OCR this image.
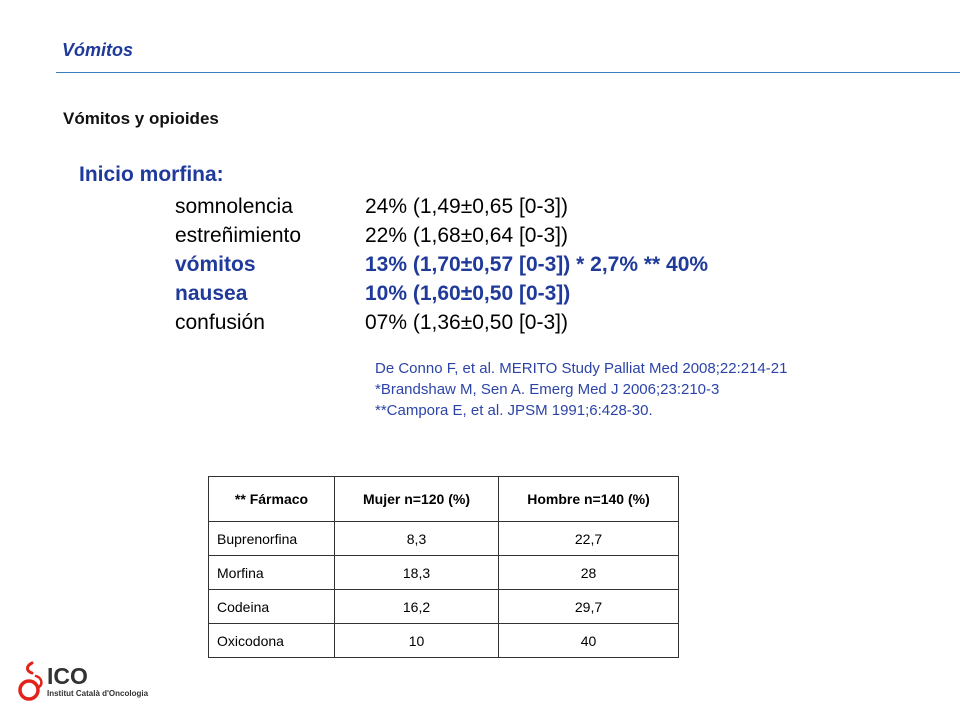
Vómitos
Vómitos y opioides
Inicio morfina:
somnolencia	24% (1,49±0,65 [0-3])
estreñimiento	22% (1,68±0,64 [0-3])
vómitos	13% (1,70±0,57 [0-3]) * 2,7% ** 40%
nausea	10% (1,60±0,50 [0-3])
confusión	07% (1,36±0,50 [0-3])
De Conno F, et al. MERITO Study Palliat Med 2008;22:214-21
*Brandshaw M, Sen A. Emerg Med J 2006;23:210-3
**Campora E, et al. JPSM 1991;6:428-30.
** Fármaco	Mujer n=120 (%)	Hombre n=140 (%)
Buprenorfina	8,3	22,7
Morfina	18,3	28
Codeina	16,2	29,7
Oxicodona	10	40
ICO
Institut Català d'Oncologia
